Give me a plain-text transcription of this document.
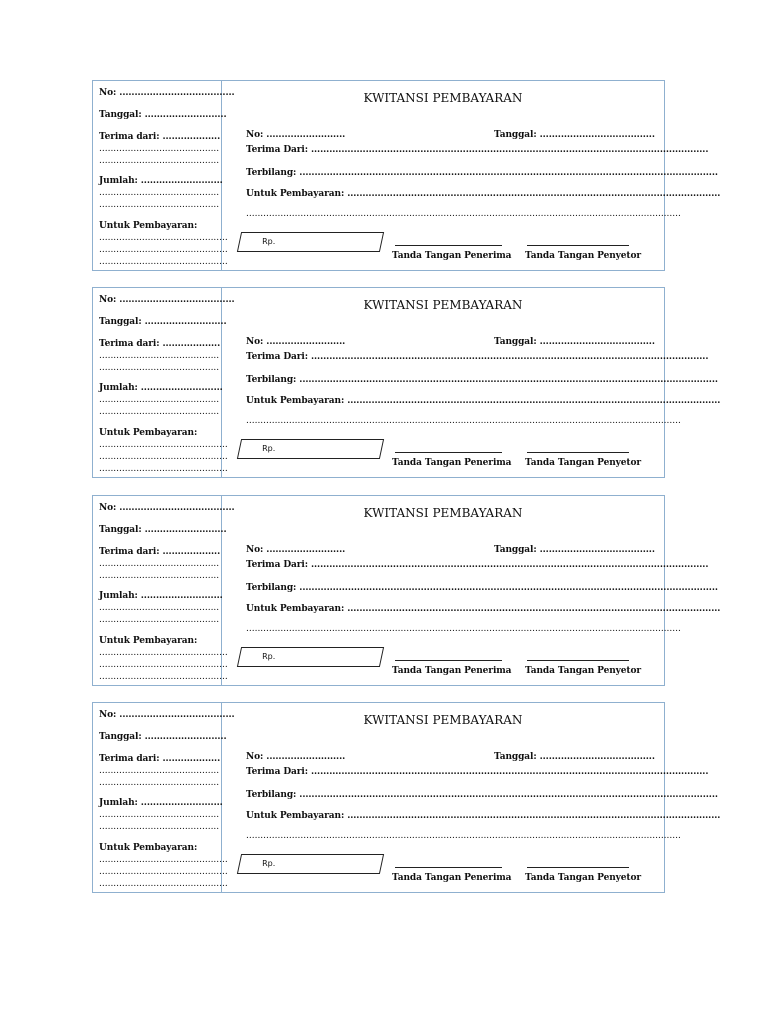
No: ......................................
Tanggal: ...........................
Terima dari: ...................
..........................................
..........................................
Jumlah: ...........................
..........................................
..........................................
Untuk Pembayaran:
.............................................
.............................................
.............................................
KWITANSI PEMBAYARAN
No: ..........................	Tanggal: ......................................
Terima Dari: ...................................................................................................................................
Terbilang: ..........................................................................................................................................
Untuk Pembayaran: ...........................................................................................................................
........................................................................................................................................................
Rp.
Tanda Tangan Penerima Tanda Tangan Penyetor
No: ......................................
Tanggal: ...........................
Terima dari: ...................
..........................................
..........................................
Jumlah: ...........................
..........................................
..........................................
Untuk Pembayaran:
.............................................
.............................................
.............................................
KWITANSI PEMBAYARAN
No: ..........................	Tanggal: ......................................
Terima Dari: ...................................................................................................................................
Terbilang: ..........................................................................................................................................
Untuk Pembayaran: ...........................................................................................................................
........................................................................................................................................................
Rp.
Tanda Tangan Penerima Tanda Tangan Penyetor
No: ......................................
Tanggal: ...........................
Terima dari: ...................
..........................................
..........................................
Jumlah: ...........................
..........................................
..........................................
Untuk Pembayaran:
.............................................
.............................................
.............................................
KWITANSI PEMBAYARAN
No: ..........................	Tanggal: ......................................
Terima Dari: ...................................................................................................................................
Terbilang: ..........................................................................................................................................
Untuk Pembayaran: ...........................................................................................................................
........................................................................................................................................................
Rp.
Tanda Tangan Penerima Tanda Tangan Penyetor
No: ......................................
Tanggal: ...........................
Terima dari: ...................
..........................................
..........................................
Jumlah: ...........................
..........................................
..........................................
Untuk Pembayaran:
.............................................
.............................................
.............................................
KWITANSI PEMBAYARAN
No: ..........................	Tanggal: ......................................
Terima Dari: ...................................................................................................................................
Terbilang: ..........................................................................................................................................
Untuk Pembayaran: ...........................................................................................................................
........................................................................................................................................................
Rp.
Tanda Tangan Penerima Tanda Tangan Penyetor
